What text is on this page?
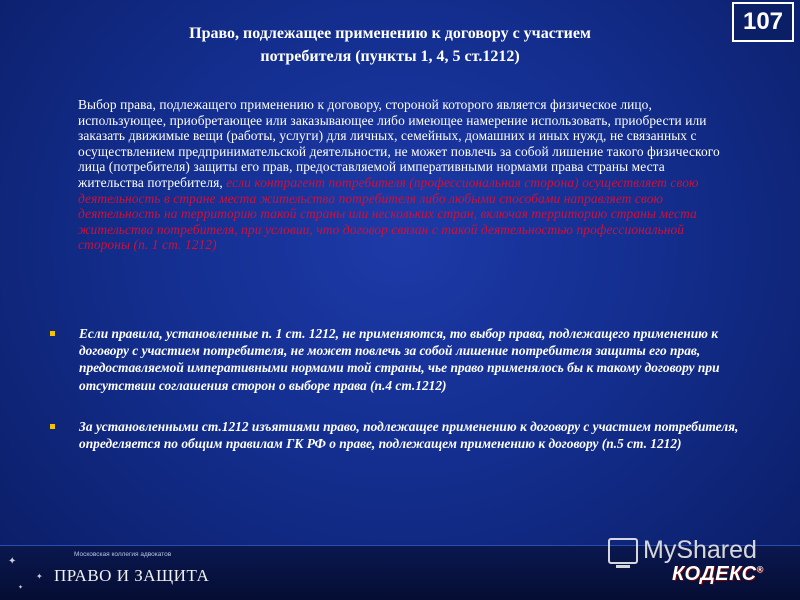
107
Право, подлежащее применению к договору с участием
потребителя (пункты 1, 4, 5 ст.1212)
Выбор права, подлежащего применению к договору, стороной которого является физическое лицо, использующее, приобретающее или заказывающее либо имеющее намерение использовать, приобрести или заказать движимые вещи (работы, услуги) для личных, семейных, домашних и иных нужд, не связанных с осуществлением предпринимательской деятельности, не может повлечь за собой лишение такого физического лица (потребителя) защиты его прав, предоставляемой императивными нормами права страны места жительства потребителя, если контрагент потребителя (профессиональная сторона) осуществляет свою деятельность в стране места жительства потребителя либо любыми способами направляет свою деятельность на территорию такой страны или нескольких стран, включая территорию страны места жительства потребителя, при условии, что договор связан с такой деятельностью профессиональной стороны (п. 1 ст. 1212)
Если правила, установленные п. 1 ст. 1212, не применяются, то выбор права, подлежащего применению к договору с участием потребителя, не может повлечь за собой лишение потребителя защиты его прав, предоставляемой императивными нормами той страны, чье право применялось бы к такому договору при отсутствии соглашения сторон о выборе права (п.4 ст.1212)
За установленными ст.1212 изъятиями право, подлежащее применению к договору с участием потребителя, определяется по общим правилам ГК РФ о праве, подлежащем применению к договору (п.5 ст. 1212)
✦
✦
✦
Московская коллегия адвокатов
ПРАВО И ЗАЩИТА
MyShared
КОДЕКС®
